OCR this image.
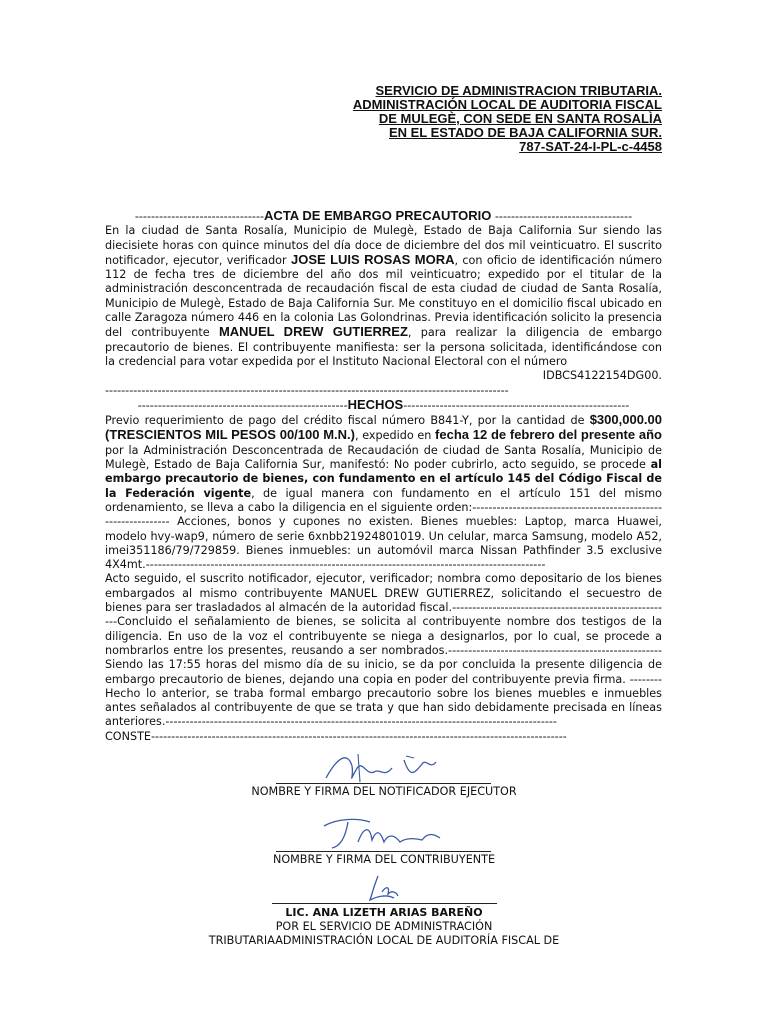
SERVICIO DE ADMINISTRACION TRIBUTARIA.
ADMINISTRACIÓN LOCAL DE AUDITORIA FISCAL
DE MULEGÈ, CON SEDE EN SANTA ROSALÌA
EN EL ESTADO DE BAJA CALIFORNIA SUR.
787-SAT-24-I-PL-c-4458
--------------------------------ACTA DE EMBARGO PRECAUTORIO ----------------------------------
En la ciudad de Santa Rosalía, Municipio de Mulegè, Estado de Baja California Sur siendo las diecisiete horas con quince minutos del día doce de diciembre del dos mil veinticuatro. El suscrito notificador, ejecutor, verificador JOSE LUIS ROSAS MORA, con oficio de identificación número 112 de fecha tres de diciembre del año dos mil veinticuatro; expedido por el titular de la administración desconcentrada de recaudación fiscal de esta ciudad de ciudad de Santa Rosalía, Municipio de Mulegè, Estado de Baja California Sur. Me constituyo en el domicilio fiscal ubicado en calle Zaragoza número 446 en la colonia Las Golondrinas. Previa identificación solicito la presencia del contribuyente MANUEL DREW GUTIERREZ, para realizar la diligencia de embargo precautorio de bienes. El contribuyente manifiesta: ser la persona solicitada, identificándose con la credencial para votar expedida por el Instituto Nacional Electoral con el número
IDBCS4122154DG00.
----------------------------------------------------------------------------------------------------
----------------------------------------------------HECHOS--------------------------------------------------------
Previo requerimiento de pago del crédito fiscal número B841-Y, por la cantidad de $300,000.00 (TRESCIENTOS MIL PESOS 00/100 M.N.), expedido en fecha 12 de febrero del presente año por la Administración Desconcentrada de Recaudación de ciudad de Santa Rosalía, Municipio de Mulegè, Estado de Baja California Sur, manifestó: No poder cubrirlo, acto seguido, se procede al embargo precautorio de bienes, con fundamento en el artículo 145 del Código Fiscal de la Federación vigente, de igual manera con fundamento en el artículo 151 del mismo ordenamiento, se lleva a cabo la diligencia en el siguiente orden:--------------------------------------------------------------- Acciones, bonos y cupones no existen. Bienes muebles: Laptop, marca Huawei, modelo hvy-wap9, número de serie 6xnbb21924801019. Un celular, marca Samsung, modelo A52, imei351186/79/729859. Bienes inmuebles: un automóvil marca Nissan Pathfinder 3.5 exclusive 4X4mt.---------------------------------------------------------------------------------------------------
Acto seguido, el suscrito notificador, ejecutor, verificador; nombra como depositario de los bienes embargados al mismo contribuyente MANUEL DREW GUTIERREZ, solicitando el secuestro de bienes para ser trasladados al almacén de la autoridad fiscal.-------------------------------------------------------Concluido el señalamiento de bienes, se solicita al contribuyente nombre dos testigos de la diligencia. En uso de la voz el contribuyente se niega a designarlos, por lo cual, se procede a nombrarlos entre los presentes, reusando a ser nombrados.-----------------------------------------------------Siendo las 17:55 horas del mismo día de su inicio, se da por concluida la presente diligencia de embargo precautorio de bienes, dejando una copia en poder del contribuyente previa firma. -------- Hecho lo anterior, se traba formal embargo precautorio sobre los bienes muebles e inmuebles antes señalados al contribuyente de que se trata y que han sido debidamente precisada en líneas anteriores.-------------------------------------------------------------------------------------------------
CONSTE-------------------------------------------------------------------------------------------------------
NOMBRE Y FIRMA DEL NOTIFICADOR EJECUTOR
NOMBRE Y FIRMA DEL CONTRIBUYENTE
LIC. ANA LIZETH ARIAS BAREÑO
POR EL SERVICIO DE ADMINISTRACIÓN
TRIBUTARIAADMINISTRACIÓN LOCAL DE AUDITORÍA FISCAL DE
